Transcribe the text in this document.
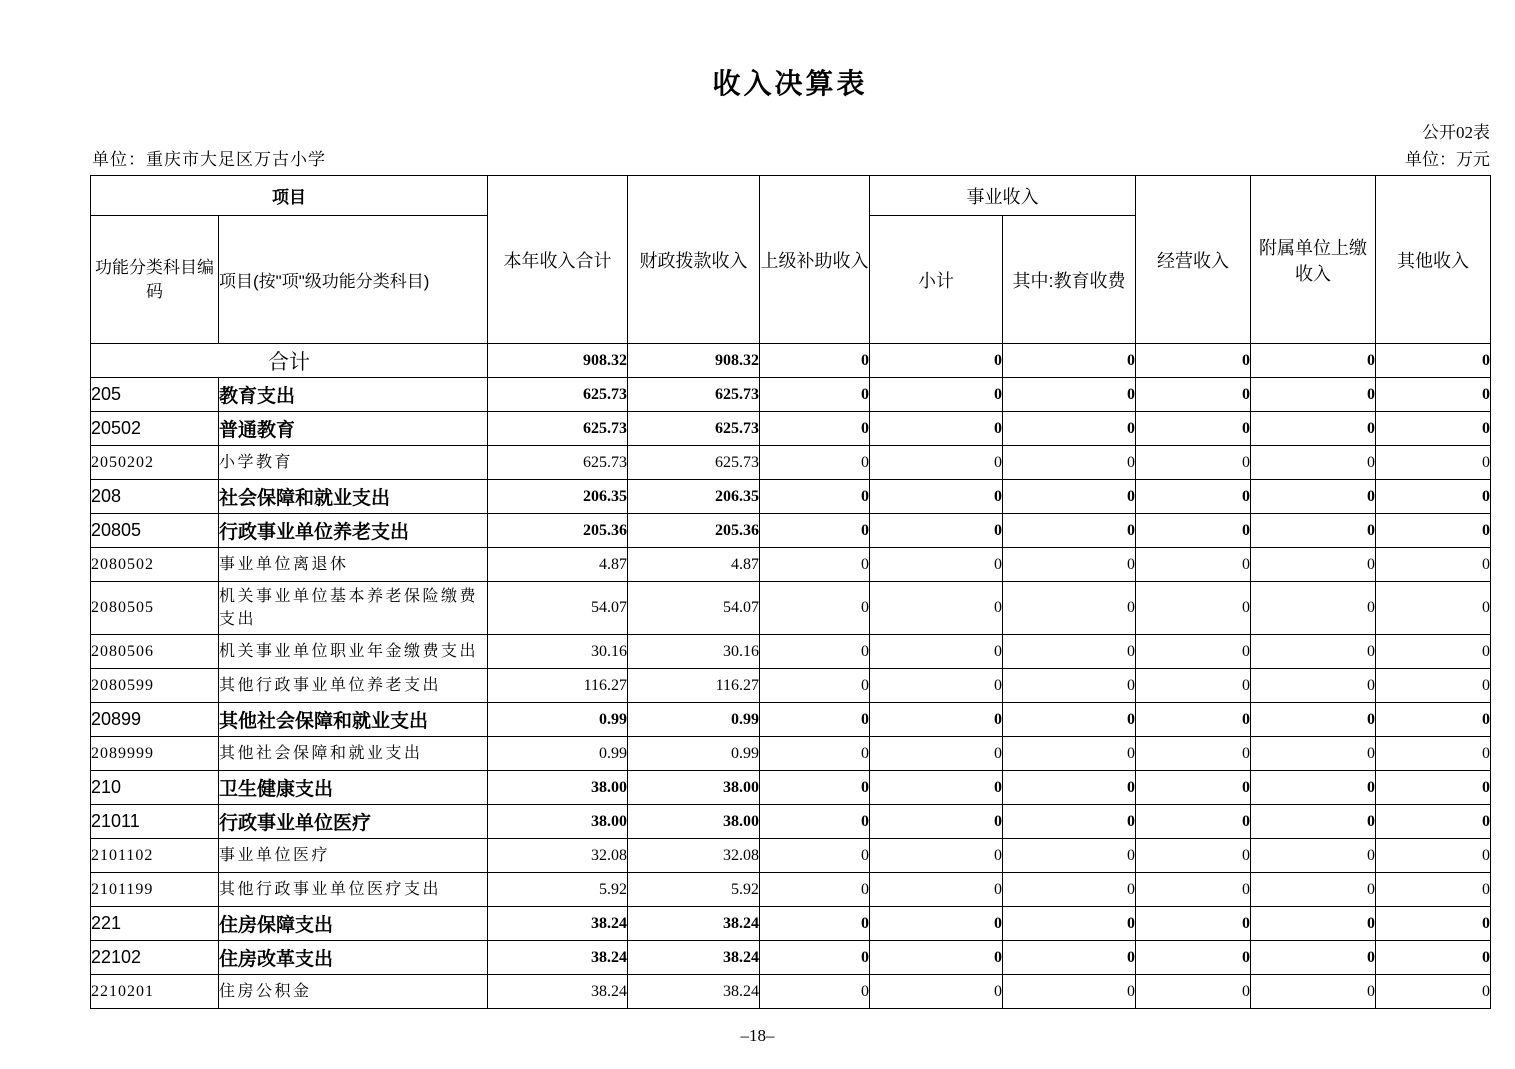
收入决算表
公开02表
单位：重庆市大足区万古小学	单位：万元
项目		本年收入合计	财政拨款收入	上级补助收入	事业收入		经营收入	附属单位上缴收入	其他收入
功能分类科目编码	项目(按"项"级功能分类科目)				小计	其中:教育收费			
合计		908.32	908.32	0	0	0	0	0	0
205	教育支出	625.73	625.73	0	0	0	0	0	0
20502	普通教育	625.73	625.73	0	0	0	0	0	0
2050202	小学教育	625.73	625.73	0	0	0	0	0	0
208	社会保障和就业支出	206.35	206.35	0	0	0	0	0	0
20805	行政事业单位养老支出	205.36	205.36	0	0	0	0	0	0
2080502	事业单位离退休	4.87	4.87	0	0	0	0	0	0
2080505	机关事业单位基本养老保险缴费支出	54.07	54.07	0	0	0	0	0	0
2080506	机关事业单位职业年金缴费支出	30.16	30.16	0	0	0	0	0	0
2080599	其他行政事业单位养老支出	116.27	116.27	0	0	0	0	0	0
20899	其他社会保障和就业支出	0.99	0.99	0	0	0	0	0	0
2089999	其他社会保障和就业支出	0.99	0.99	0	0	0	0	0	0
210	卫生健康支出	38.00	38.00	0	0	0	0	0	0
21011	行政事业单位医疗	38.00	38.00	0	0	0	0	0	0
2101102	事业单位医疗	32.08	32.08	0	0	0	0	0	0
2101199	其他行政事业单位医疗支出	5.92	5.92	0	0	0	0	0	0
221	住房保障支出	38.24	38.24	0	0	0	0	0	0
22102	住房改革支出	38.24	38.24	0	0	0	0	0	0
2210201	住房公积金	38.24	38.24	0	0	0	0	0	0
–18–
